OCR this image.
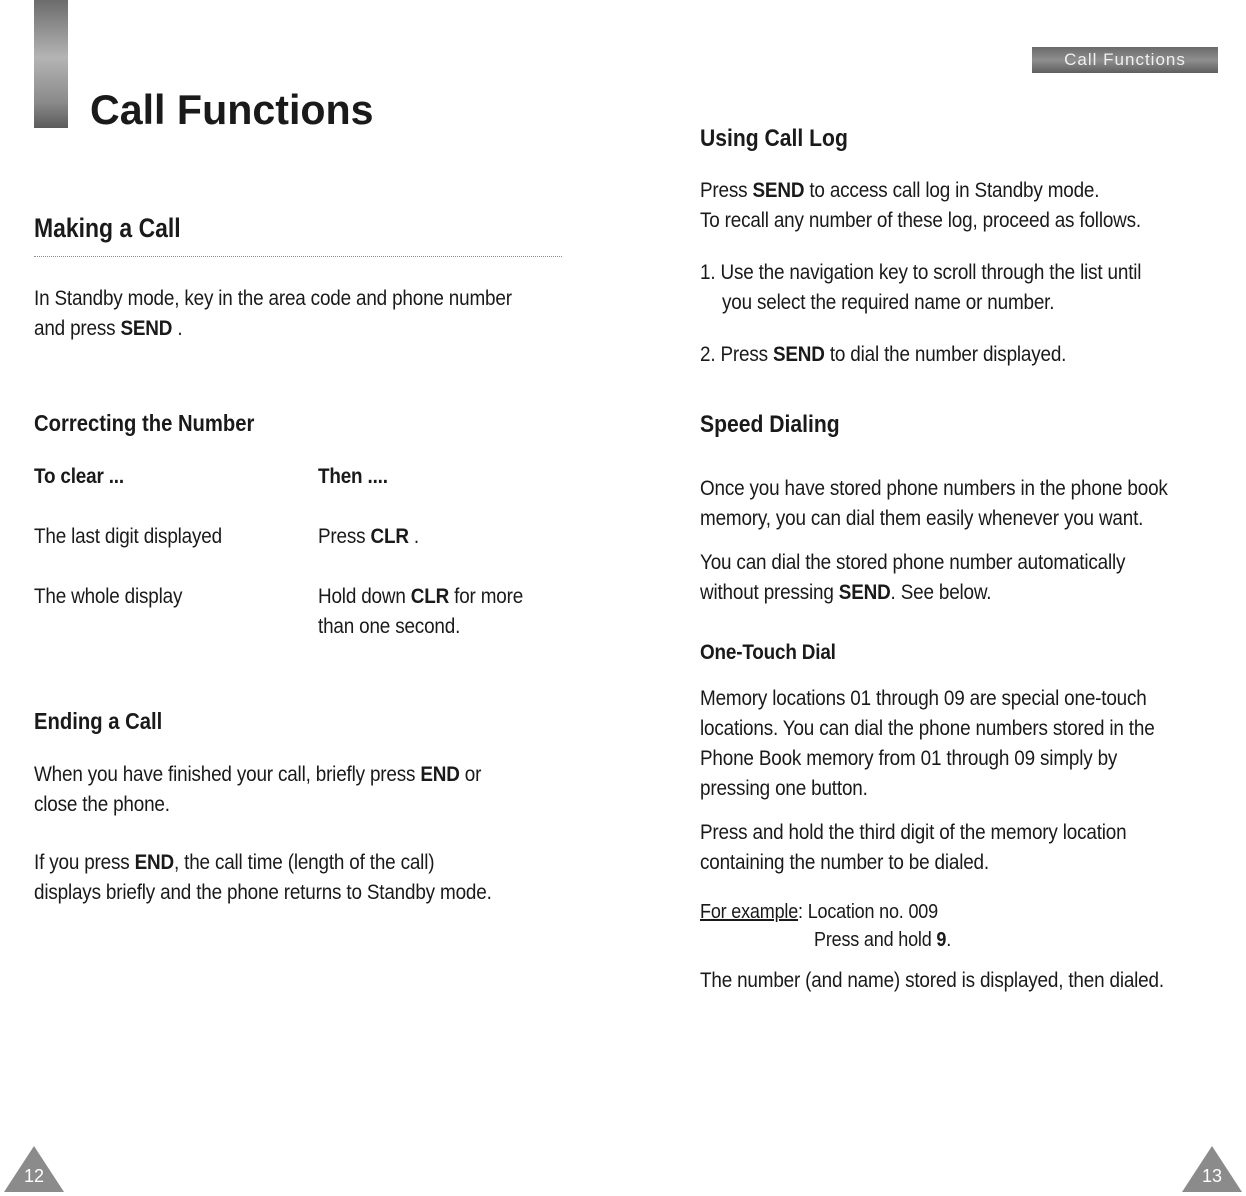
Call Functions
Making a Call

In Standby mode, key in the area code and phone number

and press SEND .

Correcting the Number

To clear ...	Then ....

The last digit displayed	Press CLR .

The whole display	Hold down CLR for more

than one second.

Ending a Call

When you have finished your call, briefly press END or

close the phone.

If you press END, the call time (length of the call)

displays briefly and the phone returns to Standby mode.

12
Call Functions
Using Call Log

Press SEND to access call log in Standby mode.

To recall any number of these log, proceed as follows.

1. Use the navigation key to scroll through the list until

you select the required name or number.

2. Press SEND to dial the number displayed.

Speed Dialing

Once you have stored phone numbers in the phone book

memory, you can dial them easily whenever you want.

You can dial the stored phone number automatically

without pressing SEND. See below.

One-Touch Dial

Memory locations 01 through 09 are special one-touch

locations. You can dial the phone numbers stored in the

Phone Book memory from 01 through 09 simply by

pressing one button.

Press and hold the third digit of the memory location

containing the number to be dialed.

For example: Location no. 009

Press and hold 9.

The number (and name) stored is displayed, then dialed.

13
